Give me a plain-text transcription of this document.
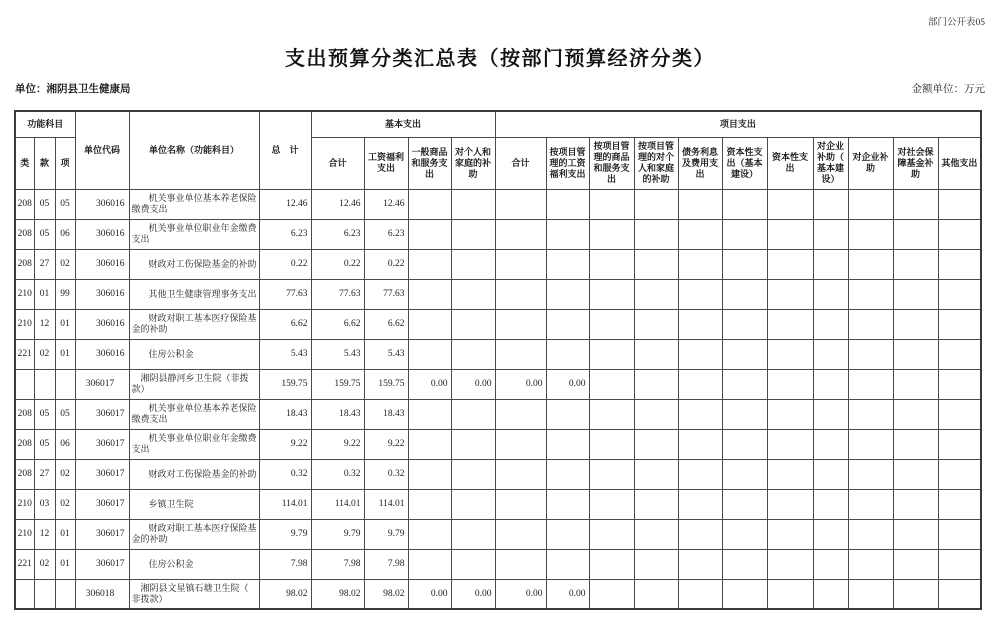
部门公开表05
支出预算分类汇总表（按部门预算经济分类）
单位：湘阴县卫生健康局	金额单位：万元
功能科目			单位代码	单位名称（功能科目）	总　计	基本支出				项目支出										
类	款	项				合计	工资福利支出	一般商品和服务支出	对个人和家庭的补助	合计	按项目管理的工资福利支出	按项目管理的商品和服务支出	按项目管理的对个人和家庭的补助	债务利息及费用支出	资本性支出（基本建设）	资本性支出	对企业补助（基本建设）	对企业补助	对社会保障基金补助	其他支出
208	05	05	306016	机关事业单位基本养老保险缴费支出	12.46	12.46	12.46													
208	05	06	306016	机关事业单位职业年金缴费支出	6.23	6.23	6.23													
208	27	02	306016	财政对工伤保险基金的补助	0.22	0.22	0.22													
210	01	99	306016	其他卫生健康管理事务支出	77.63	77.63	77.63													
210	12	01	306016	财政对职工基本医疗保险基金的补助	6.62	6.62	6.62													
221	02	01	306016	住房公积金	5.43	5.43	5.43													
			306017	湘阴县静河乡卫生院（非拨款）	159.75	159.75	159.75	0.00	0.00	0.00	0.00									
208	05	05	306017	机关事业单位基本养老保险缴费支出	18.43	18.43	18.43													
208	05	06	306017	机关事业单位职业年金缴费支出	9.22	9.22	9.22													
208	27	02	306017	财政对工伤保险基金的补助	0.32	0.32	0.32													
210	03	02	306017	乡镇卫生院	114.01	114.01	114.01													
210	12	01	306017	财政对职工基本医疗保险基金的补助	9.79	9.79	9.79													
221	02	01	306017	住房公积金	7.98	7.98	7.98													
			306018	湘阴县文星镇石塘卫生院（非拨款）	98.02	98.02	98.02	0.00	0.00	0.00	0.00									
